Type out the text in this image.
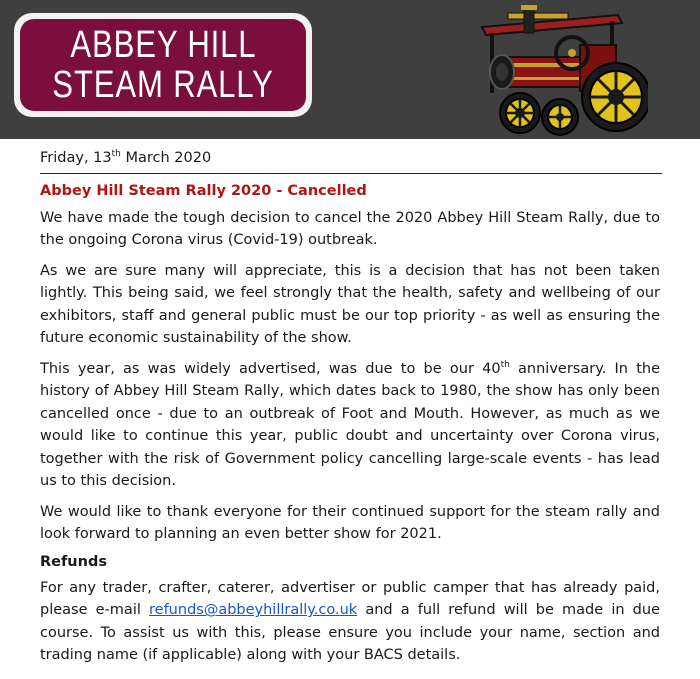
ABBEY HILL
STEAM RALLY
Friday, 13th March 2020
Abbey Hill Steam Rally 2020 - Cancelled

We have made the tough decision to cancel the 2020 Abbey Hill Steam Rally, due to the ongoing Corona virus (Covid-19) outbreak.

As we are sure many will appreciate, this is a decision that has not been taken lightly. This being said, we feel strongly that the health, safety and wellbeing of our exhibitors, staff and general public must be our top priority - as well as ensuring the future economic sustainability of the show.

This year, as was widely advertised, was due to be our 40th anniversary. In the history of Abbey Hill Steam Rally, which dates back to 1980, the show has only been cancelled once - due to an outbreak of Foot and Mouth. However, as much as we would like to continue this year, public doubt and uncertainty over Corona virus, together with the risk of Government policy cancelling large-scale events - has lead us to this decision.

We would like to thank everyone for their continued support for the steam rally and look forward to planning an even better show for 2021.

Refunds

For any trader, crafter, caterer, advertiser or public camper that has already paid, please e-mail refunds@abbeyhillrally.co.uk and a full refund will be made in due course. To assist us with this, please ensure you include your name, section and trading name (if applicable) along with your BACS details.
